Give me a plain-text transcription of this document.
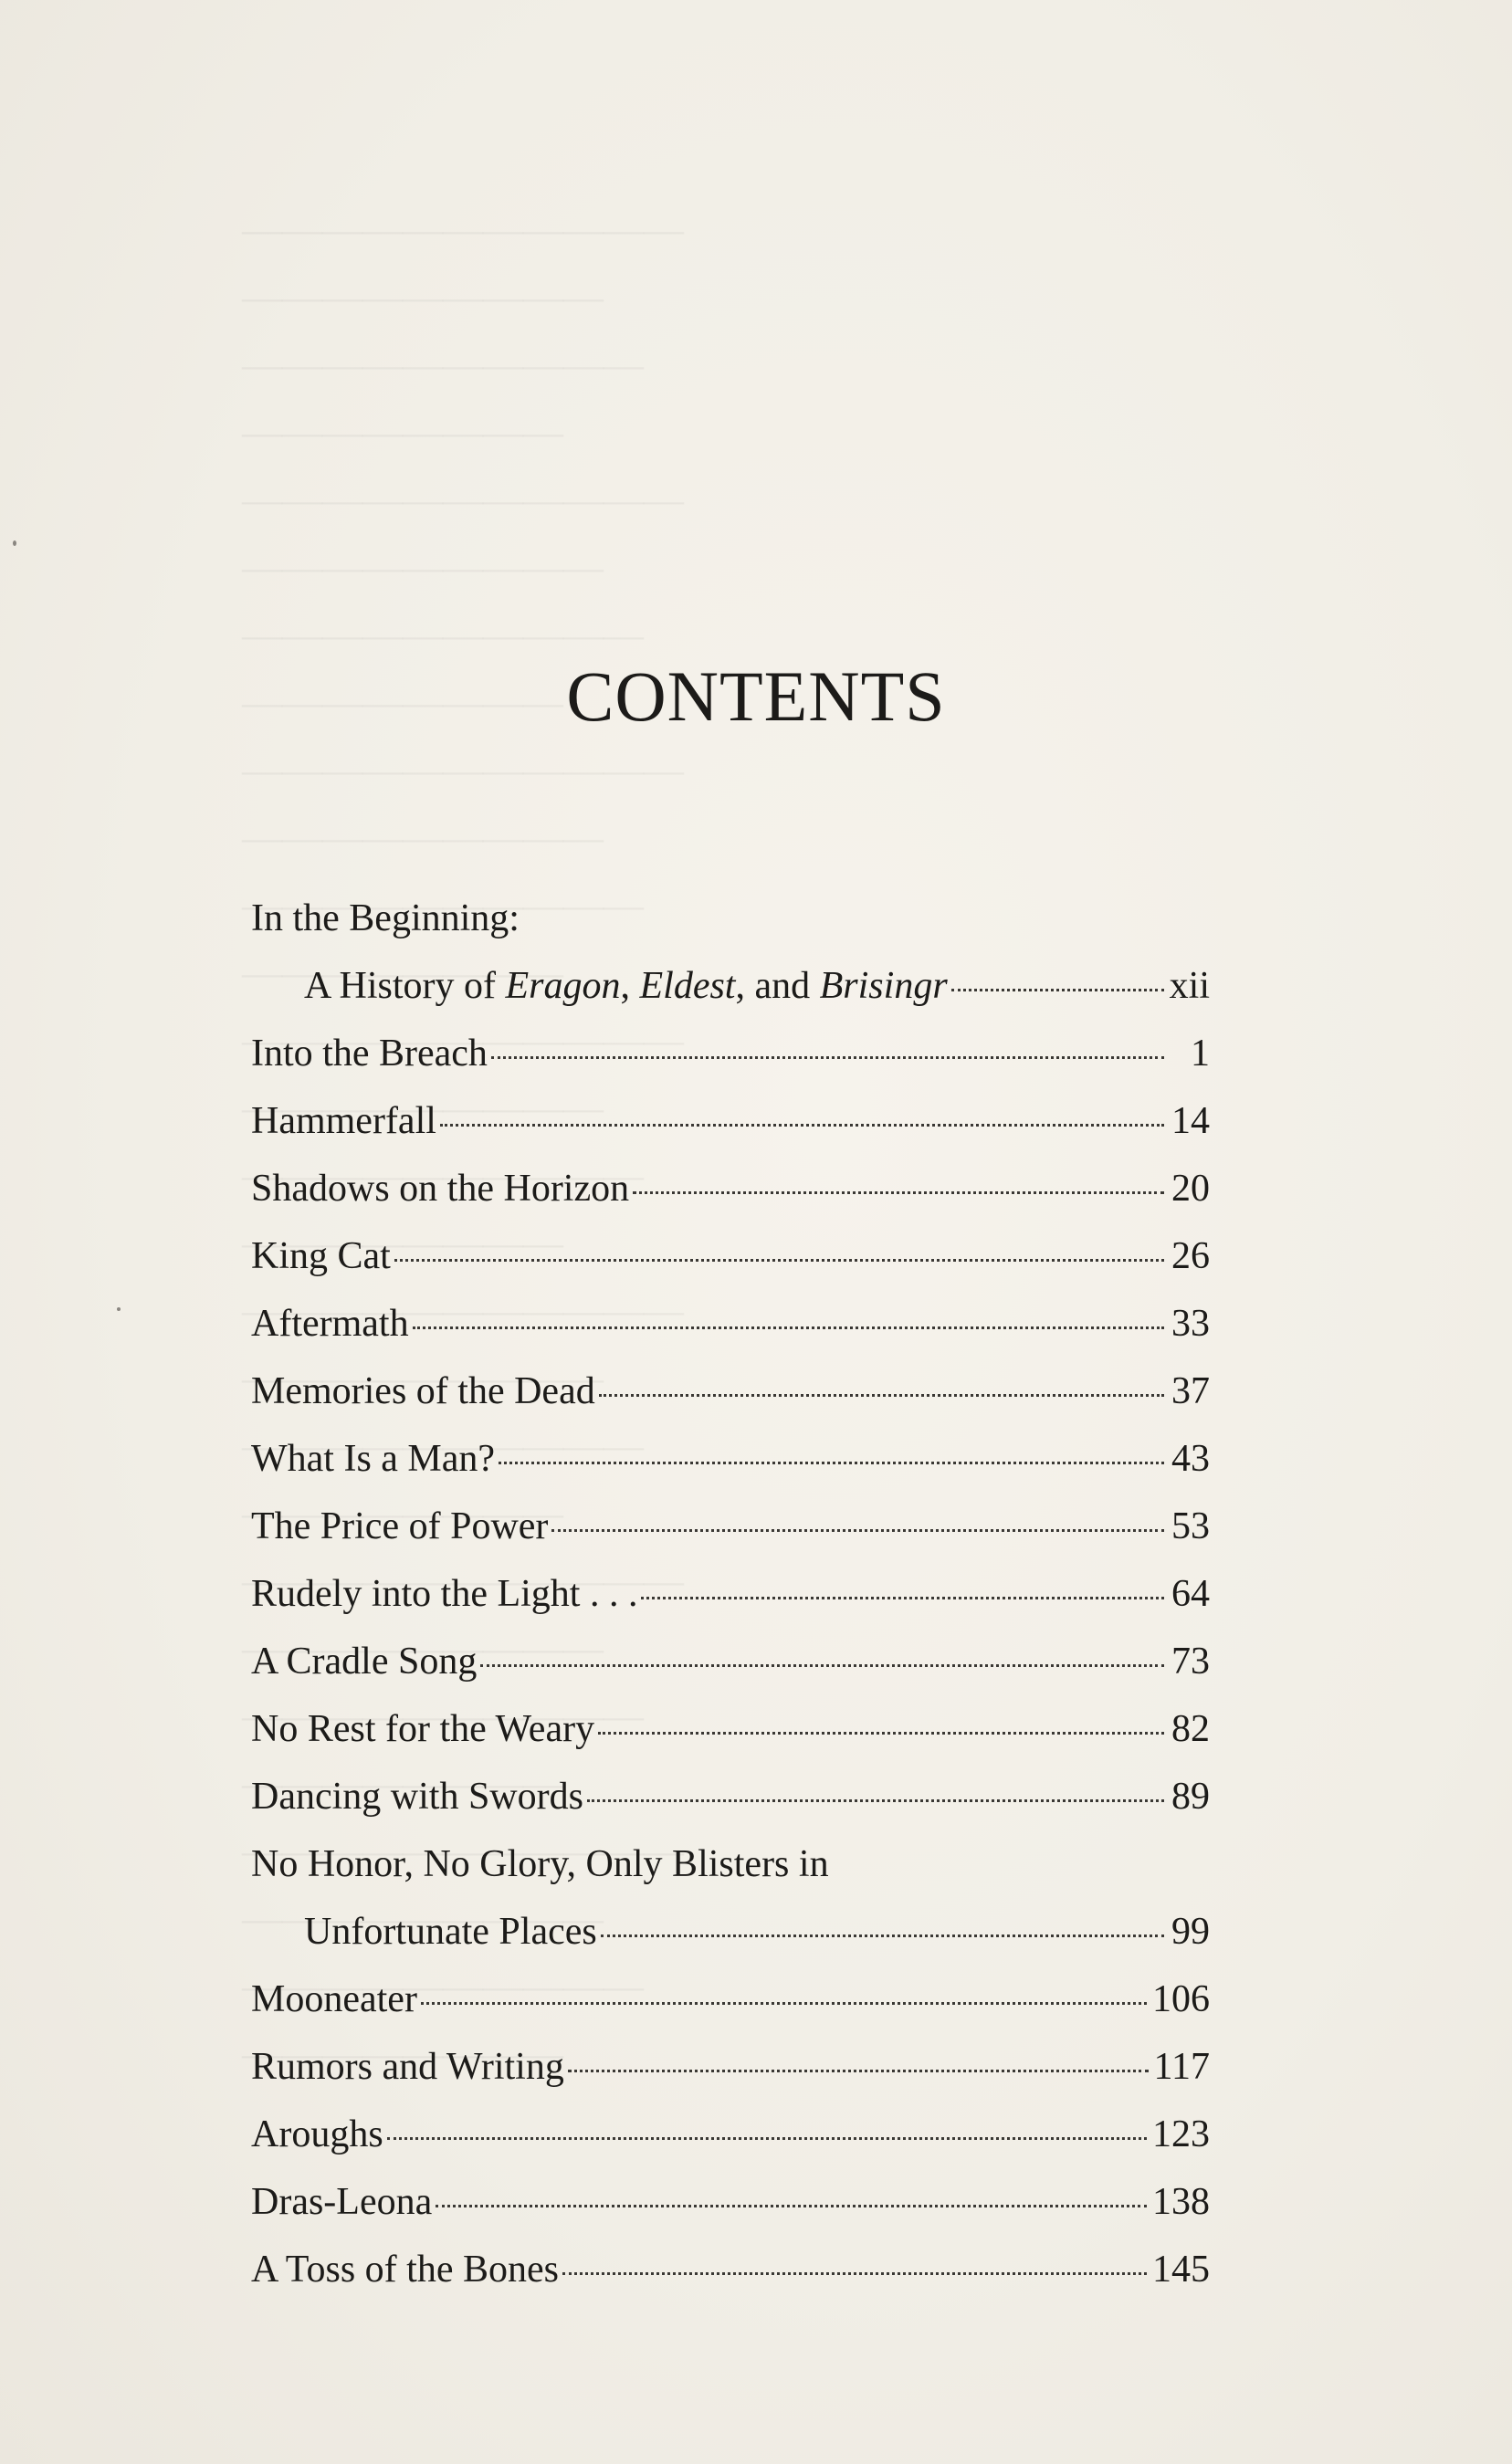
CONTENTS
In the Beginning:
A History of Eragon, Eldest, and Brisingr	xii
Into the Breach	1
Hammerfall	14
Shadows on the Horizon	20
King Cat	26
Aftermath	33
Memories of the Dead	37
What Is a Man?	43
The Price of Power	53
Rudely into the Light . . .	64
A Cradle Song	73
No Rest for the Weary	82
Dancing with Swords	89
No Honor, No Glory, Only Blisters in
Unfortunate Places	99
Mooneater	106
Rumors and Writing	117
Aroughs	123
Dras-Leona	138
A Toss of the Bones	145
